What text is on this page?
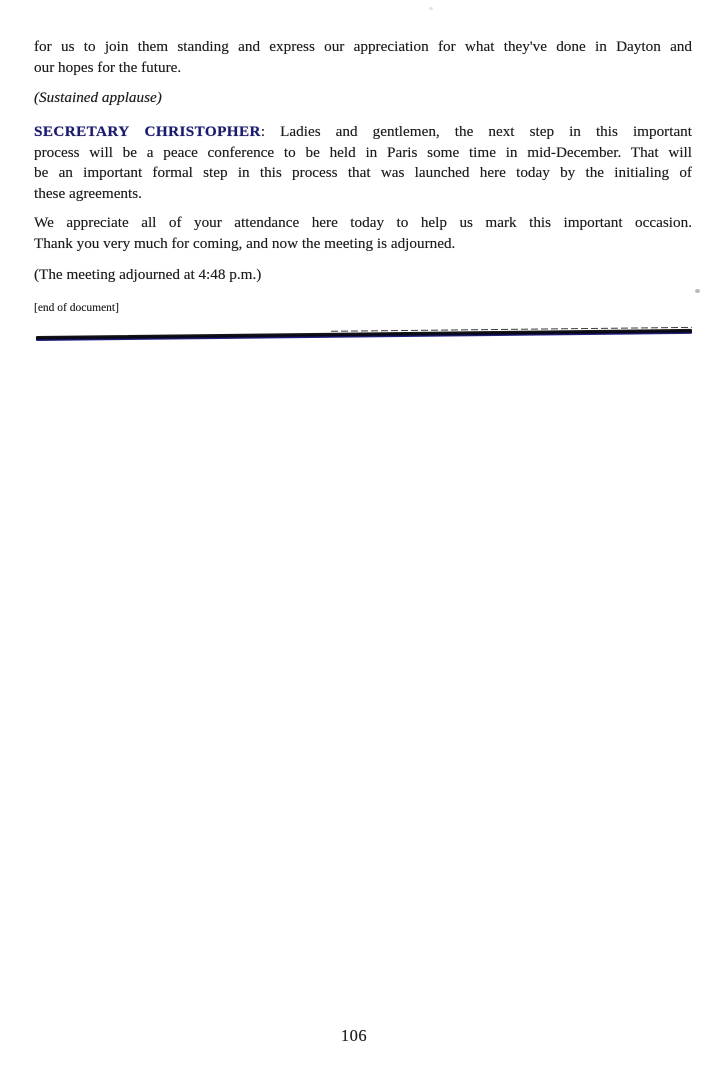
for us to join them standing and express our appreciation for what they've done in Dayton and
our hopes for the future.
(Sustained applause)
SECRETARY CHRISTOPHER: Ladies and gentlemen, the next step in this important
process will be a peace conference to be held in Paris some time in mid-December. That will
be an important formal step in this process that was launched here today by the initialing of
these agreements.
We appreciate all of your attendance here today to help us mark this important occasion.
Thank you very much for coming, and now the meeting is adjourned.
(The meeting adjourned at 4:48 p.m.)
[end of document]
106
